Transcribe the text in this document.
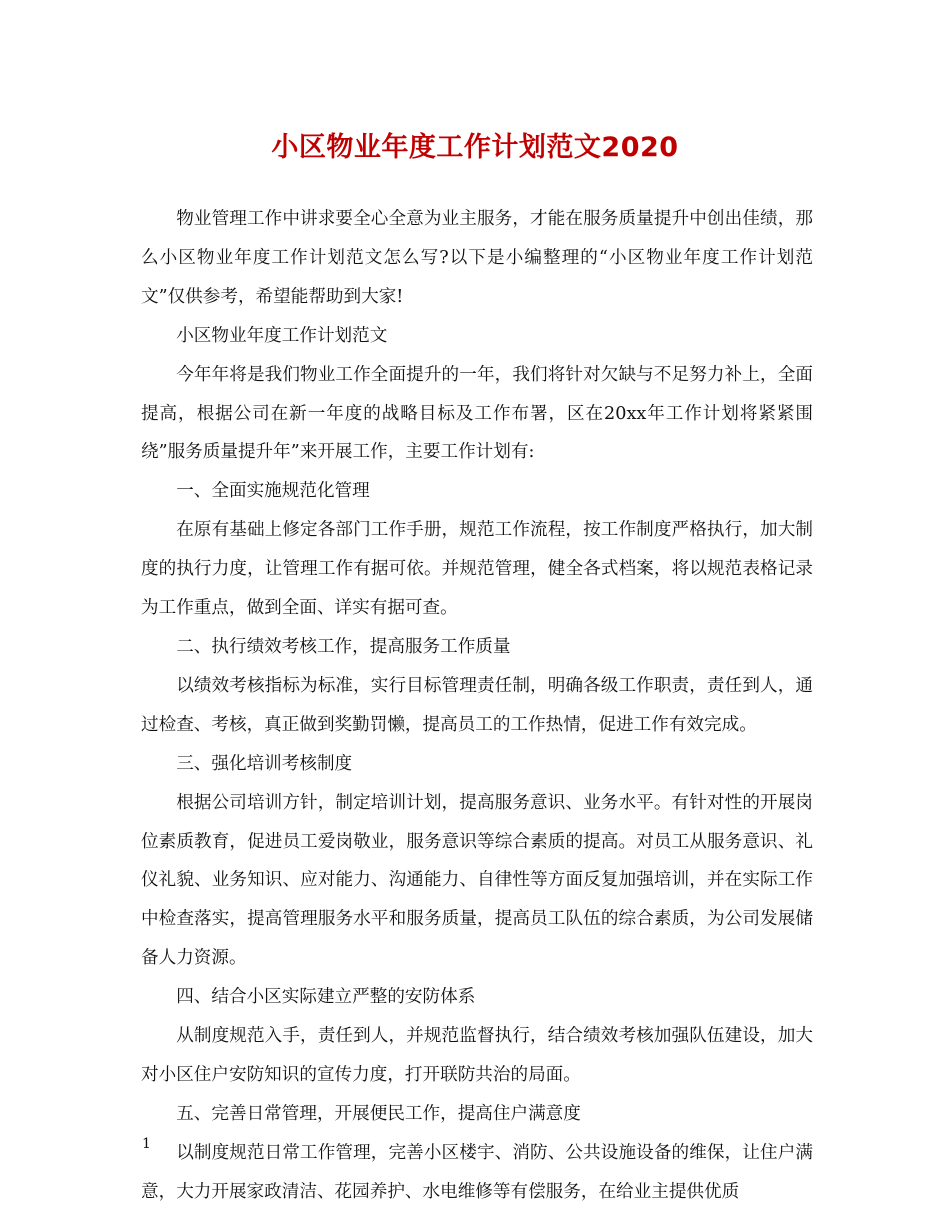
小区物业年度工作计划范文2020

物业管理工作中讲求要全心全意为业主服务，才能在服务质量提升中创出佳绩，那么小区物业年度工作计划范文怎么写?以下是小编整理的“小区物业年度工作计划范文”仅供参考，希望能帮助到大家!

小区物业年度工作计划范文

今年年将是我们物业工作全面提升的一年，我们将针对欠缺与不足努力补上，全面提高，根据公司在新一年度的战略目标及工作布署，区在20xx年工作计划将紧紧围绕”服务质量提升年”来开展工作，主要工作计划有:

一、全面实施规范化管理

在原有基础上修定各部门工作手册，规范工作流程，按工作制度严格执行，加大制度的执行力度，让管理工作有据可依。并规范管理，健全各式档案，将以规范表格记录为工作重点，做到全面、详实有据可查。

二、执行绩效考核工作，提高服务工作质量

以绩效考核指标为标准，实行目标管理责任制，明确各级工作职责，责任到人，通过检查、考核，真正做到奖勤罚懒，提高员工的工作热情，促进工作有效完成。

三、强化培训考核制度

根据公司培训方针，制定培训计划，提高服务意识、业务水平。有针对性的开展岗位素质教育，促进员工爱岗敬业，服务意识等综合素质的提高。对员工从服务意识、礼仪礼貌、业务知识、应对能力、沟通能力、自律性等方面反复加强培训，并在实际工作中检查落实，提高管理服务水平和服务质量，提高员工队伍的综合素质，为公司发展储备人力资源。

四、结合小区实际建立严整的安防体系

从制度规范入手，责任到人，并规范监督执行，结合绩效考核加强队伍建设，加大对小区住户安防知识的宣传力度，打开联防共治的局面。

五、完善日常管理，开展便民工作，提高住户满意度

以制度规范日常工作管理，完善小区楼宇、消防、公共设施设备的维保，让住户满意，大力开展家政清洁、花园养护、水电维修等有偿服务，在给业主提供优质

1
